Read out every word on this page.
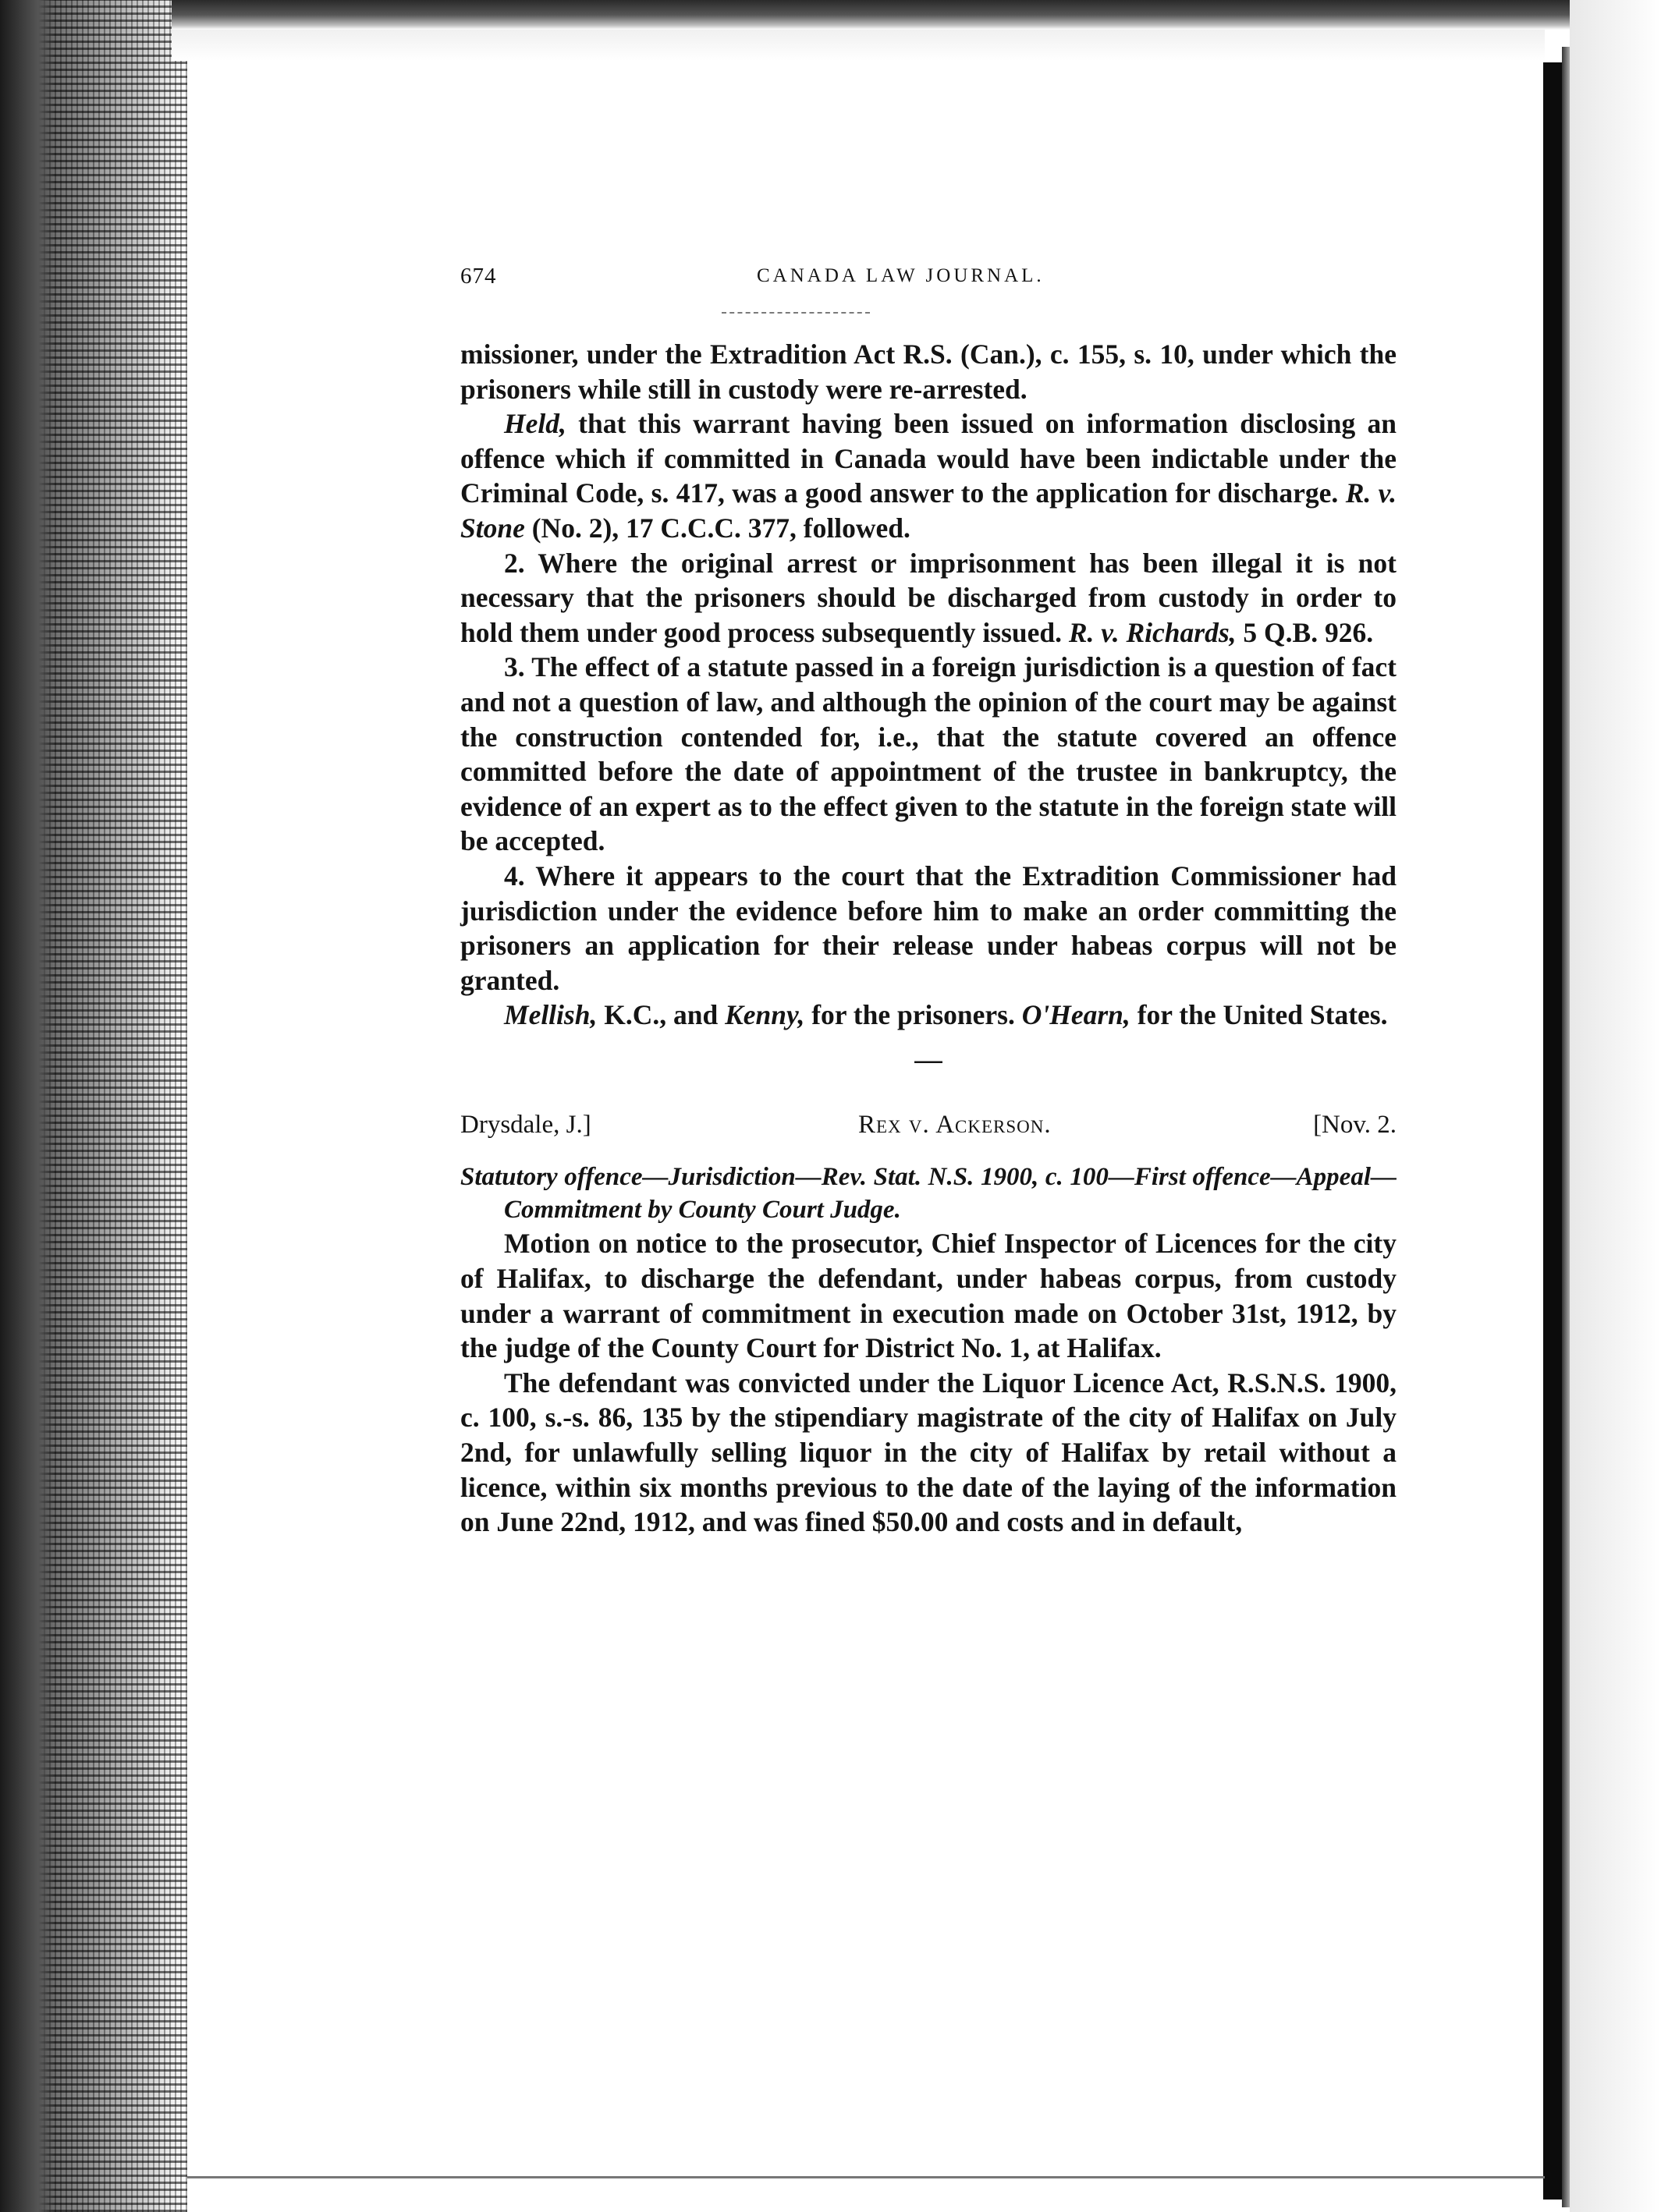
674	CANADA LAW JOURNAL.

missioner, under the Extradition Act R.S. (Can.), c. 155, s. 10, under which the prisoners while still in custody were re-arrested.

Held, that this warrant having been issued on information disclosing an offence which if committed in Canada would have been indictable under the Criminal Code, s. 417, was a good answer to the application for discharge. R. v. Stone (No. 2), 17 C.C.C. 377, followed.

2. Where the original arrest or imprisonment has been illegal it is not necessary that the prisoners should be discharged from custody in order to hold them under good process subsequently issued. R. v. Richards, 5 Q.B. 926.

3. The effect of a statute passed in a foreign jurisdiction is a question of fact and not a question of law, and although the opinion of the court may be against the construction contended for, i.e., that the statute covered an offence committed before the date of appointment of the trustee in bankruptcy, the evidence of an expert as to the effect given to the statute in the foreign state will be accepted.

4. Where it appears to the court that the Extradition Commissioner had jurisdiction under the evidence before him to make an order committing the prisoners an application for their release under habeas corpus will not be granted.

Mellish, K.C., and Kenny, for the prisoners. O'Hearn, for the United States.

—
Drysdale, J.]	Rex v. Ackerson.	[Nov. 2.

Statutory offence—Jurisdiction—Rev. Stat. N.S. 1900, c. 100—First offence—Appeal—Commitment by County Court Judge.

Motion on notice to the prosecutor, Chief Inspector of Licences for the city of Halifax, to discharge the defendant, under habeas corpus, from custody under a warrant of commitment in execution made on October 31st, 1912, by the judge of the County Court for District No. 1, at Halifax.

The defendant was convicted under the Liquor Licence Act, R.S.N.S. 1900, c. 100, s.-s. 86, 135 by the stipendiary magistrate of the city of Halifax on July 2nd, for unlawfully selling liquor in the city of Halifax by retail without a licence, within six months previous to the date of the laying of the information on June 22nd, 1912, and was fined $50.00 and costs and in default,
